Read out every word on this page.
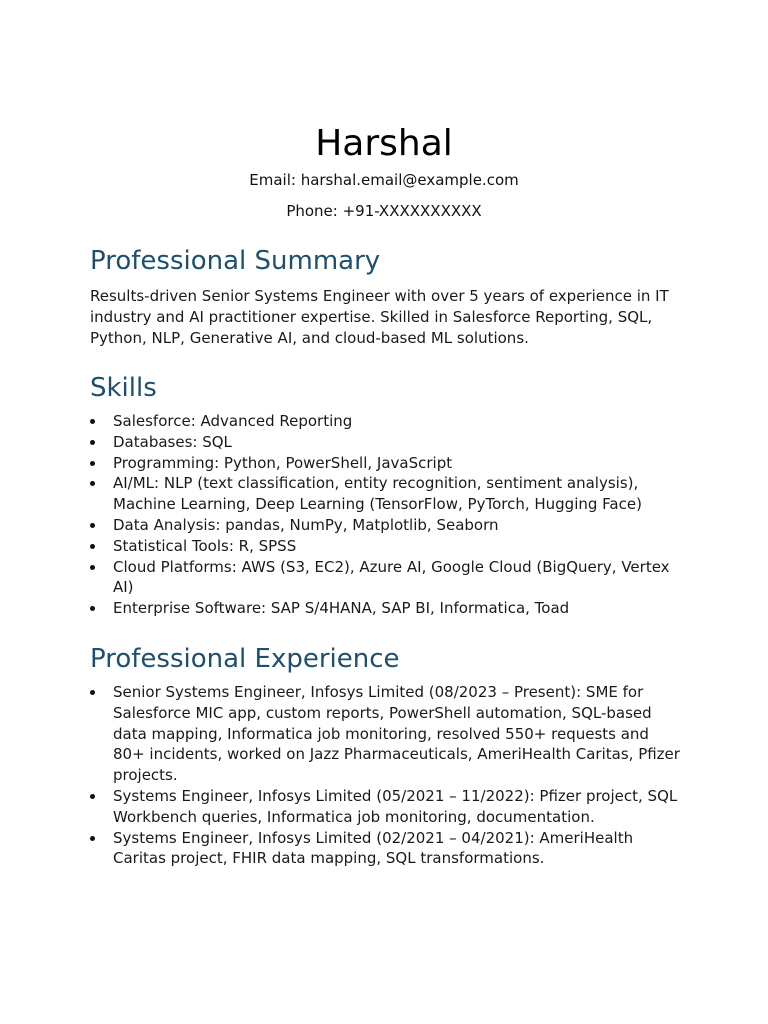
Harshal
Email: harshal.email@example.com
Phone: +91-XXXXXXXXXX
Professional Summary

Results-driven Senior Systems Engineer with over 5 years of experience in IT industry and AI practitioner expertise. Skilled in Salesforce Reporting, SQL, Python, NLP, Generative AI, and cloud-based ML solutions.

Skills
Salesforce: Advanced Reporting
Databases: SQL
Programming: Python, PowerShell, JavaScript
AI/ML: NLP (text classification, entity recognition, sentiment analysis), Machine Learning, Deep Learning (TensorFlow, PyTorch, Hugging Face)
Data Analysis: pandas, NumPy, Matplotlib, Seaborn
Statistical Tools: R, SPSS
Cloud Platforms: AWS (S3, EC2), Azure AI, Google Cloud (BigQuery, Vertex AI)
Enterprise Software: SAP S/4HANA, SAP BI, Informatica, Toad
Professional Experience
Senior Systems Engineer, Infosys Limited (08/2023 – Present): SME for Salesforce MIC app, custom reports, PowerShell automation, SQL-based data mapping, Informatica job monitoring, resolved 550+ requests and 80+ incidents, worked on Jazz Pharmaceuticals, AmeriHealth Caritas, Pfizer projects.
Systems Engineer, Infosys Limited (05/2021 – 11/2022): Pfizer project, SQL Workbench queries, Informatica job monitoring, documentation.
Systems Engineer, Infosys Limited (02/2021 – 04/2021): AmeriHealth Caritas project, FHIR data mapping, SQL transformations.
